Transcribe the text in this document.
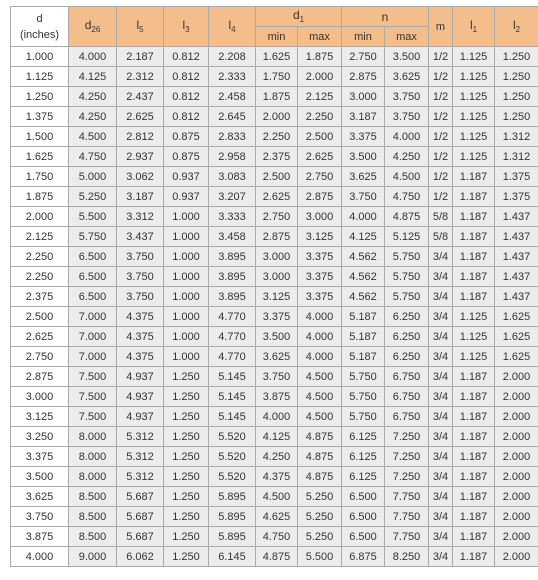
d
(inches)	$d_{26}$	$l_5$	$l_3$	$l_4$	$d_1$		n		m	$l_1$	$l_2$
					min	max	min	max			
1.000	4.000	2.187	0.812	2.208	1.625	1.875	2.750	3.500	1/2	1.125	1.250
1.125	4.125	2.312	0.812	2.333	1.750	2.000	2.875	3.625	1/2	1.125	1.250
1.250	4.250	2.437	0.812	2.458	1.875	2.125	3.000	3.750	1/2	1.125	1.250
1.375	4.250	2.625	0.812	2.645	2.000	2.250	3.187	3.750	1/2	1.125	1.250
1.500	4.500	2.812	0.875	2.833	2.250	2.500	3.375	4.000	1/2	1.125	1.312
1.625	4.750	2.937	0.875	2.958	2.375	2.625	3.500	4.250	1/2	1.125	1.312
1.750	5.000	3.062	0.937	3.083	2.500	2.750	3.625	4.500	1/2	1.187	1.375
1.875	5.250	3.187	0.937	3.207	2.625	2.875	3.750	4.750	1/2	1.187	1.375
2.000	5.500	3.312	1.000	3.333	2.750	3.000	4.000	4.875	5/8	1.187	1.437
2.125	5.750	3.437	1.000	3.458	2.875	3.125	4.125	5.125	5/8	1.187	1.437
2.250	6.500	3.750	1.000	3.895	3.000	3.375	4.562	5.750	3/4	1.187	1.437
2.250	6.500	3.750	1.000	3.895	3.000	3.375	4.562	5.750	3/4	1.187	1.437
2.375	6.500	3.750	1.000	3.895	3.125	3.375	4.562	5.750	3/4	1.187	1.437
2.500	7.000	4.375	1.000	4.770	3.375	4.000	5.187	6.250	3/4	1.125	1.625
2.625	7.000	4.375	1.000	4.770	3.500	4.000	5.187	6.250	3/4	1.125	1.625
2.750	7.000	4.375	1.000	4.770	3.625	4.000	5.187	6.250	3/4	1.125	1.625
2.875	7.500	4.937	1.250	5.145	3.750	4.500	5.750	6.750	3/4	1.187	2.000
3.000	7.500	4.937	1.250	5.145	3.875	4.500	5.750	6.750	3/4	1.187	2.000
3.125	7.500	4.937	1.250	5.145	4.000	4.500	5.750	6.750	3/4	1.187	2.000
3.250	8.000	5.312	1.250	5.520	4.125	4.875	6.125	7.250	3/4	1.187	2.000
3.375	8.000	5.312	1.250	5.520	4.250	4.875	6.125	7.250	3/4	1.187	2.000
3.500	8.000	5.312	1.250	5.520	4.375	4.875	6.125	7.250	3/4	1.187	2.000
3.625	8.500	5.687	1.250	5.895	4.500	5.250	6.500	7.750	3/4	1.187	2.000
3.750	8.500	5.687	1.250	5.895	4.625	5.250	6.500	7.750	3/4	1.187	2.000
3.875	8.500	5.687	1.250	5.895	4.750	5.250	6.500	7.750	3/4	1.187	2.000
4.000	9.000	6.062	1.250	6.145	4.875	5.500	6.875	8.250	3/4	1.187	2.000
